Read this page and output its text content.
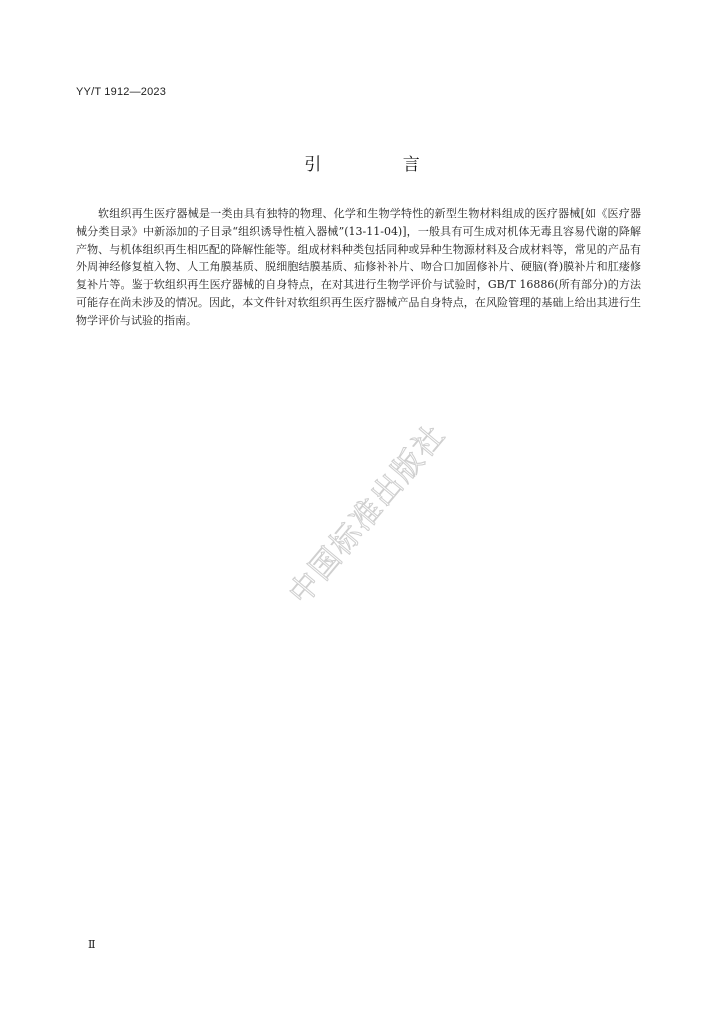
YY/T 1912—2023
引 言

软组织再生医疗器械是一类由具有独特的物理、化学和生物学特性的新型生物材料组成的医疗器械[如《医疗器械分类目录》中新添加的子目录“组织诱导性植入器械”(13-11-04)]，一般具有可生成对机体无毒且容易代谢的降解产物、与机体组织再生相匹配的降解性能等。组成材料种类包括同种或异种生物源材料及合成材料等，常见的产品有外周神经修复植入物、人工角膜基质、脱细胞结膜基质、疝修补补片、吻合口加固修补片、硬脑(脊)膜补片和肛瘘修复补片等。鉴于软组织再生医疗器械的自身特点，在对其进行生物学评价与试验时，GB/T 16886(所有部分)的方法可能存在尚未涉及的情况。因此，本文件针对软组织再生医疗器械产品自身特点，在风险管理的基础上给出其进行生物学评价与试验的指南。

中国标准出版社
Ⅱ
